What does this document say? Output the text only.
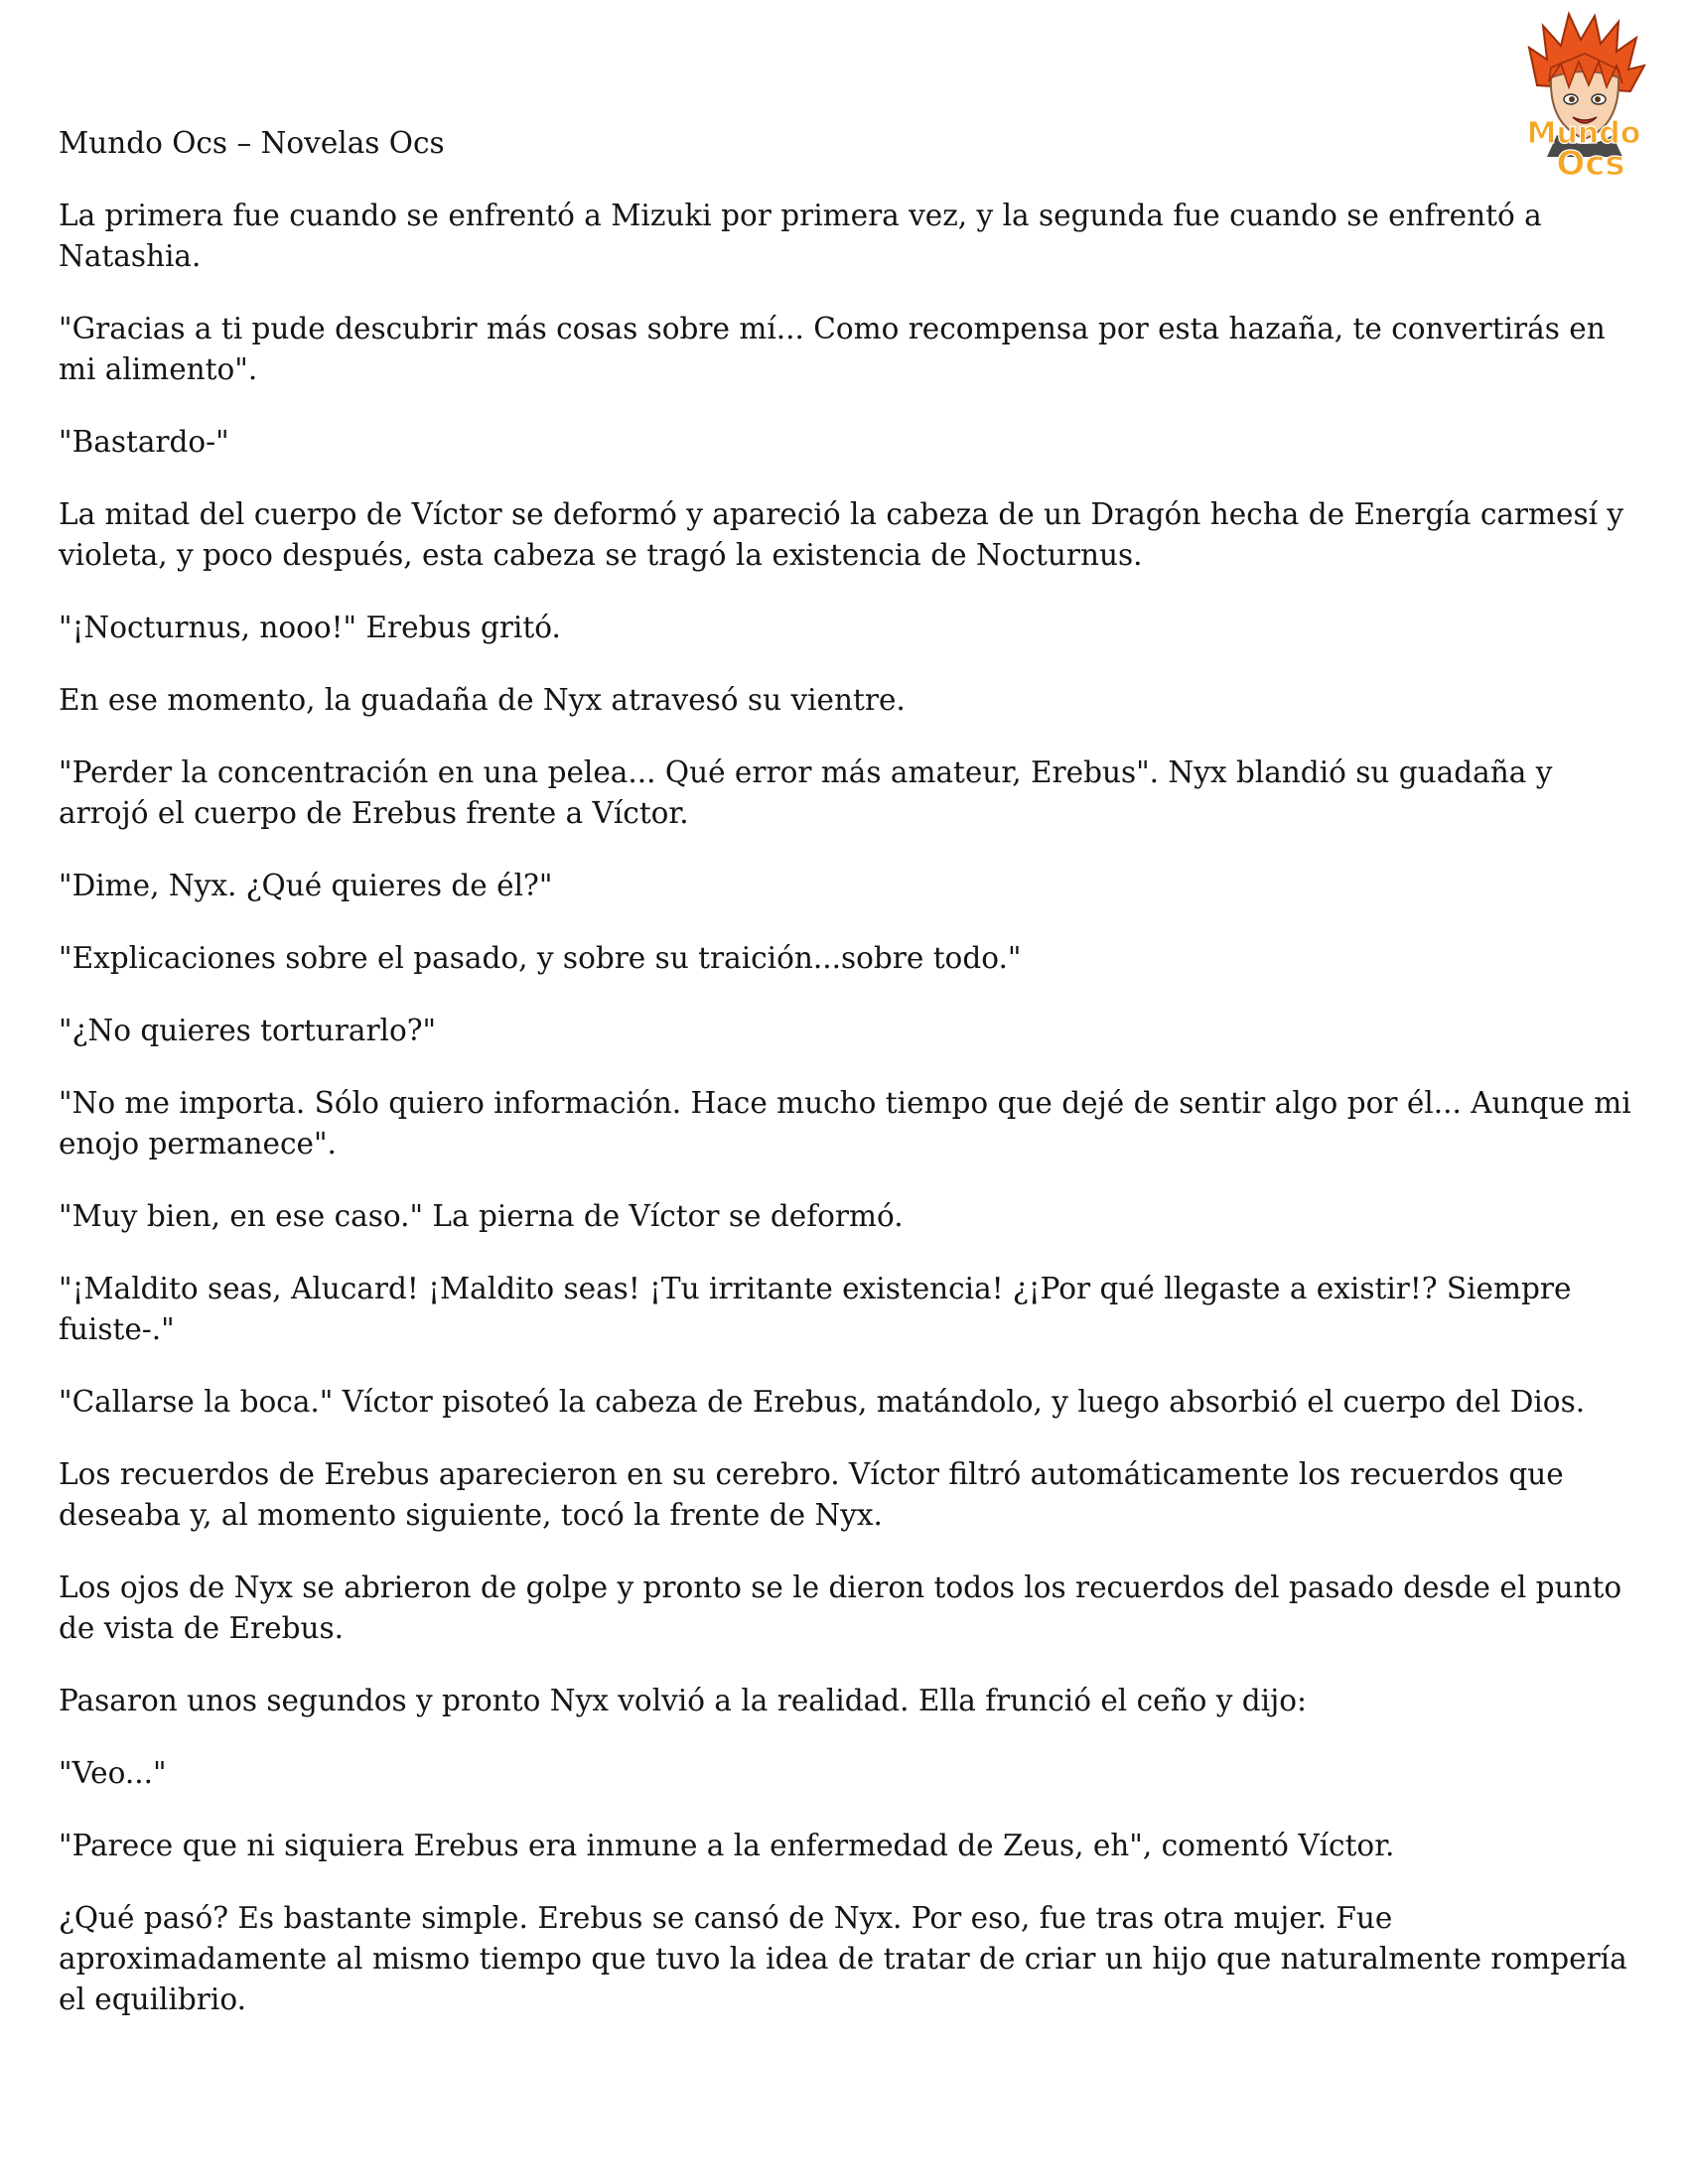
Mundo
Ocs

Mundo Ocs – Novelas Ocs

La primera fue cuando se enfrentó a Mizuki por primera vez, y la segunda fue cuando se enfrentó a Natashia.

"Gracias a ti pude descubrir más cosas sobre mí... Como recompensa por esta hazaña, te convertirás en mi alimento".

"Bastardo-"

La mitad del cuerpo de Víctor se deformó y apareció la cabeza de un Dragón hecha de Energía carmesí y violeta, y poco después, esta cabeza se tragó la existencia de Nocturnus.

"¡Nocturnus, nooo!" Erebus gritó.

En ese momento, la guadaña de Nyx atravesó su vientre.

"Perder la concentración en una pelea... Qué error más amateur, Erebus". Nyx blandió su guadaña y arrojó el cuerpo de Erebus frente a Víctor.

"Dime, Nyx. ¿Qué quieres de él?"

"Explicaciones sobre el pasado, y sobre su traición...sobre todo."

"¿No quieres torturarlo?"

"No me importa. Sólo quiero información. Hace mucho tiempo que dejé de sentir algo por él... Aunque mi enojo permanece".

"Muy bien, en ese caso." La pierna de Víctor se deformó.

"¡Maldito seas, Alucard! ¡Maldito seas! ¡Tu irritante existencia! ¿¡Por qué llegaste a existir!? Siempre fuiste-."

"Callarse la boca." Víctor pisoteó la cabeza de Erebus, matándolo, y luego absorbió el cuerpo del Dios.

Los recuerdos de Erebus aparecieron en su cerebro. Víctor filtró automáticamente los recuerdos que deseaba y, al momento siguiente, tocó la frente de Nyx.

Los ojos de Nyx se abrieron de golpe y pronto se le dieron todos los recuerdos del pasado desde el punto de vista de Erebus.

Pasaron unos segundos y pronto Nyx volvió a la realidad. Ella frunció el ceño y dijo:

"Veo..."

"Parece que ni siquiera Erebus era inmune a la enfermedad de Zeus, eh", comentó Víctor.

¿Qué pasó? Es bastante simple. Erebus se cansó de Nyx. Por eso, fue tras otra mujer. Fue aproximadamente al mismo tiempo que tuvo la idea de tratar de criar un hijo que naturalmente rompería el equilibrio.
